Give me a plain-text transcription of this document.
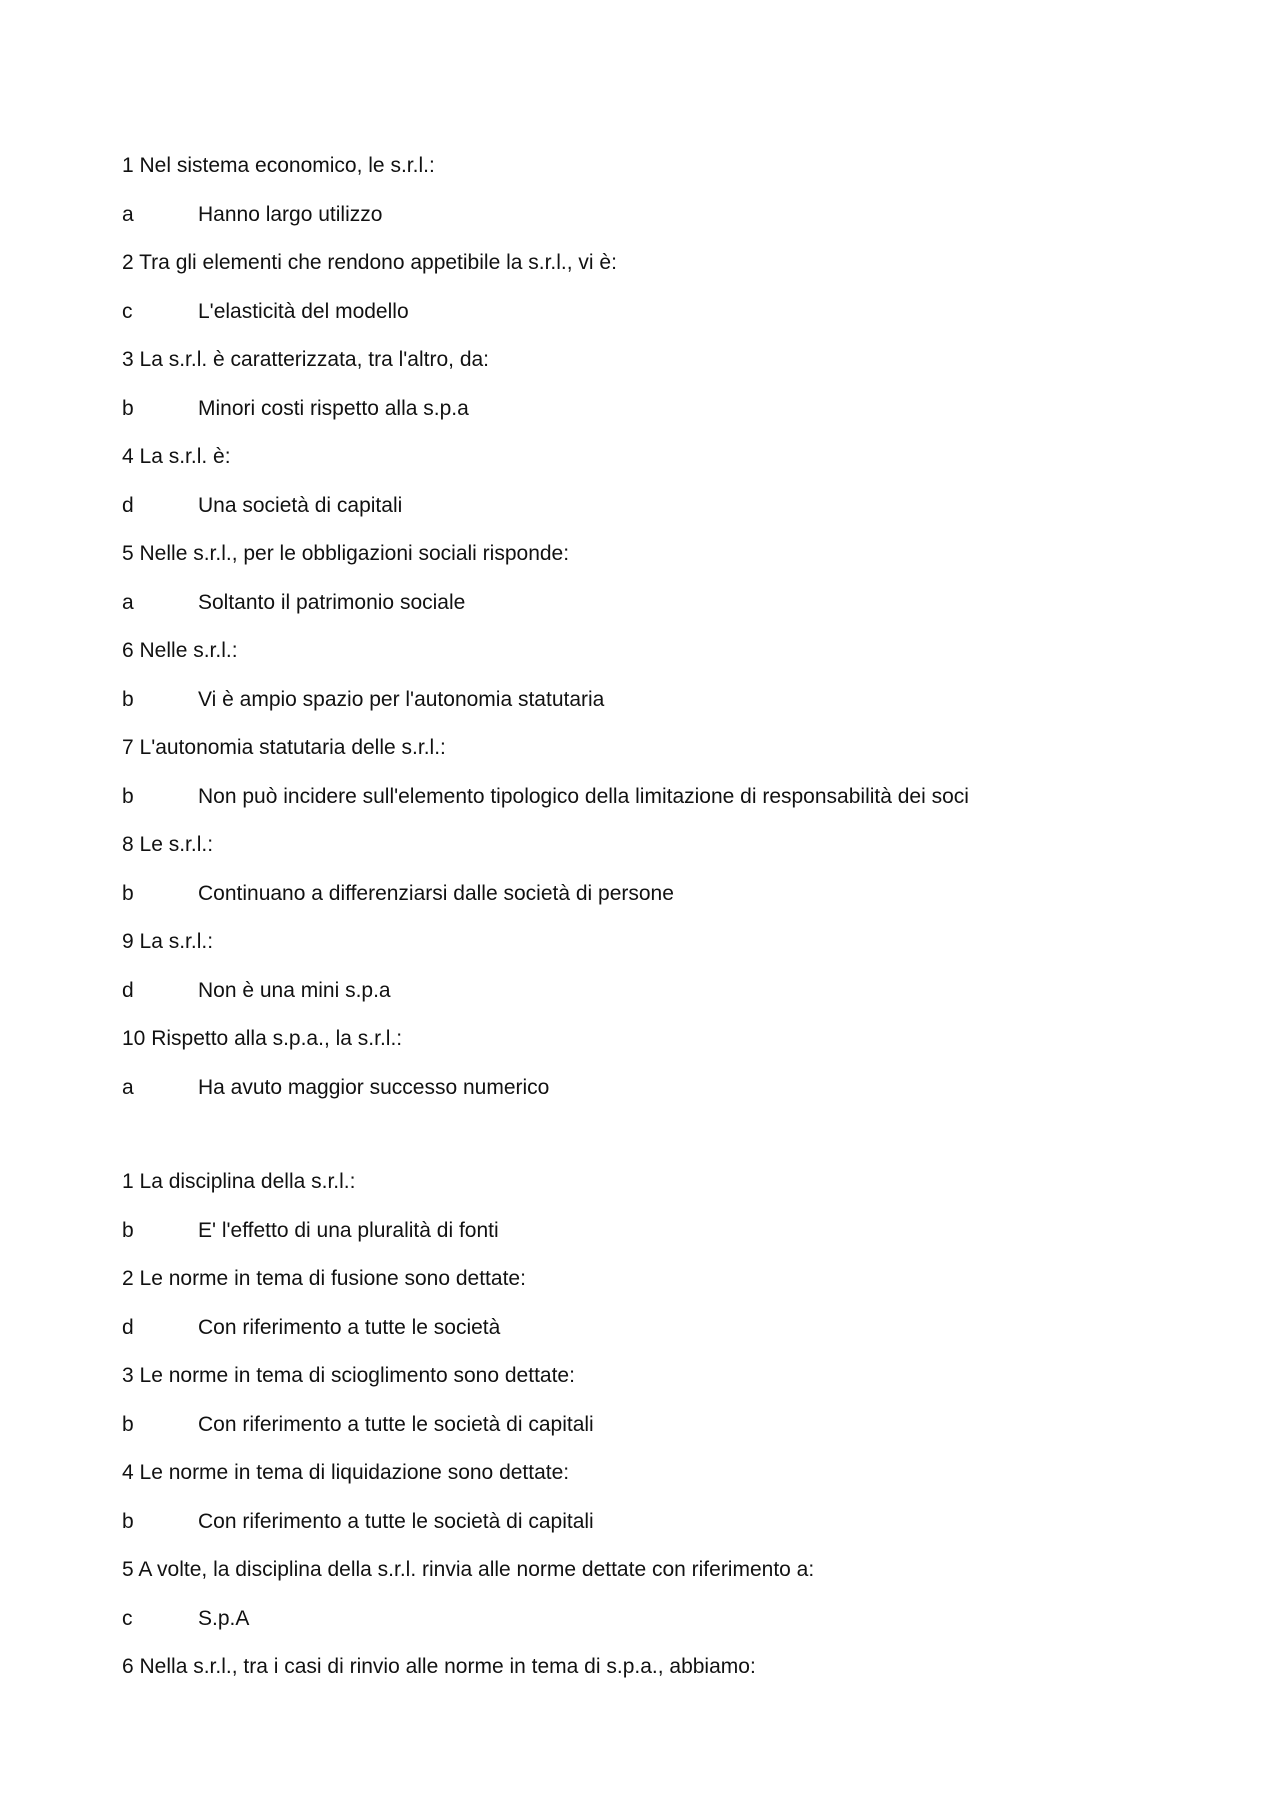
1 Nel sistema economico, le s.r.l.:
a	Hanno largo utilizzo
2 Tra gli elementi che rendono appetibile la s.r.l., vi è:
c	L'elasticità del modello
3 La s.r.l. è caratterizzata, tra l'altro, da:
b	Minori costi rispetto alla s.p.a
4 La s.r.l. è:
d	Una società di capitali
5 Nelle s.r.l., per le obbligazioni sociali risponde:
a	Soltanto il patrimonio sociale
6 Nelle s.r.l.:
b	Vi è ampio spazio per l'autonomia statutaria
7 L'autonomia statutaria delle s.r.l.:
b	Non può incidere sull'elemento tipologico della limitazione di responsabilità dei soci
8 Le s.r.l.:
b	Continuano a differenziarsi dalle società di persone
9 La s.r.l.:
d	Non è una mini s.p.a
10 Rispetto alla s.p.a., la s.r.l.:
a	Ha avuto maggior successo numerico
1 La disciplina della s.r.l.:
b	E' l'effetto di una pluralità di fonti
2 Le norme in tema di fusione sono dettate:
d	Con riferimento a tutte le società
3 Le norme in tema di scioglimento sono dettate:
b	Con riferimento a tutte le società di capitali
4 Le norme in tema di liquidazione sono dettate:
b	Con riferimento a tutte le società di capitali
5 A volte, la disciplina della s.r.l. rinvia alle norme dettate con riferimento a:
c	S.p.A
6 Nella s.r.l., tra i casi di rinvio alle norme in tema di s.p.a., abbiamo:
